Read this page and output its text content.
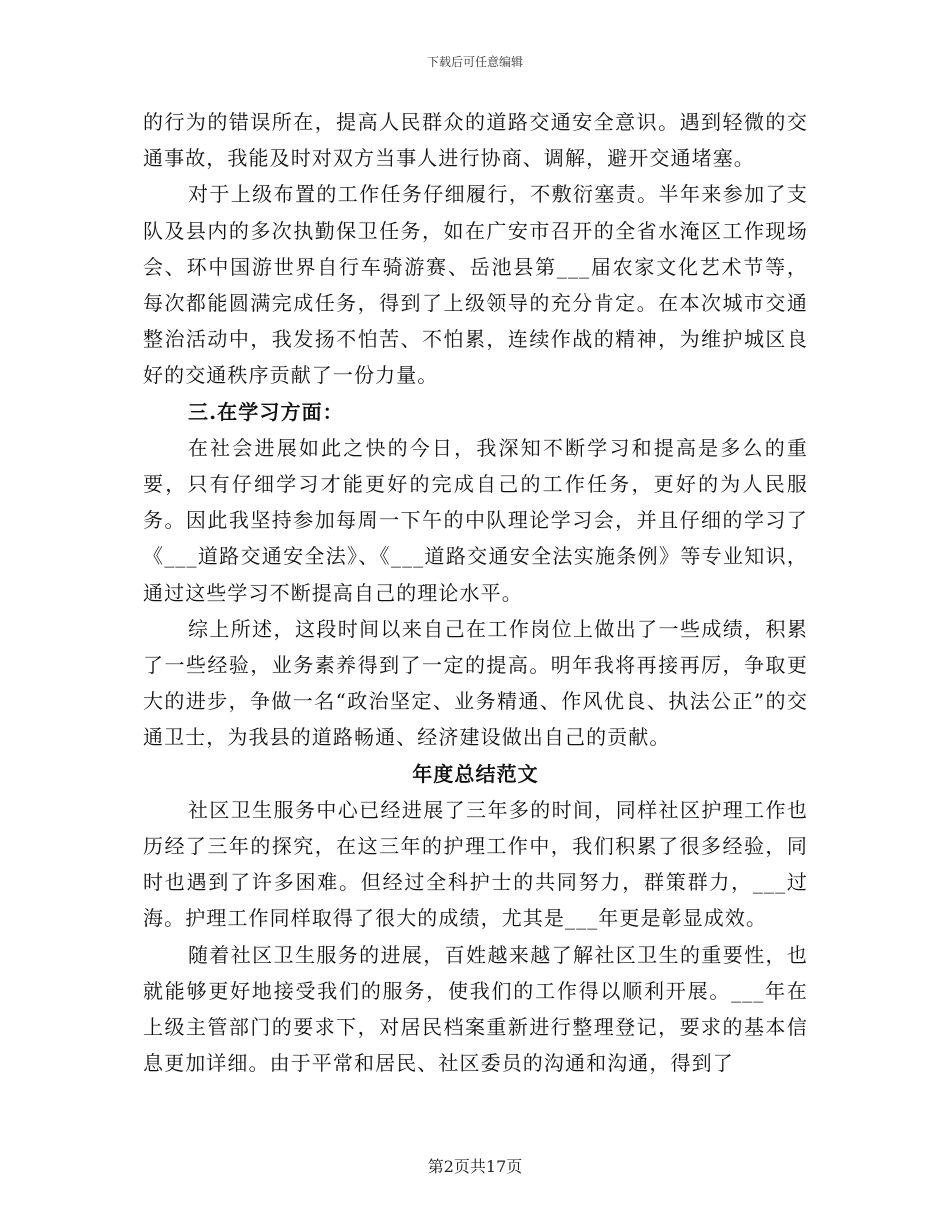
下载后可任意编辑

的行为的错误所在，提高人民群众的道路交通安全意识。遇到轻微的交通事故，我能及时对双方当事人进行协商、调解，避开交通堵塞。

对于上级布置的工作任务仔细履行，不敷衍塞责。半年来参加了支队及县内的多次执勤保卫任务，如在广安市召开的全省水淹区工作现场会、环中国游世界自行车骑游赛、岳池县第___届农家文化艺术节等，每次都能圆满完成任务，得到了上级领导的充分肯定。在本次城市交通整治活动中，我发扬不怕苦、不怕累，连续作战的精神，为维护城区良好的交通秩序贡献了一份力量。

三.在学习方面：

在社会进展如此之快的今日，我深知不断学习和提高是多么的重要，只有仔细学习才能更好的完成自己的工作任务，更好的为人民服务。因此我坚持参加每周一下午的中队理论学习会，并且仔细的学习了《___道路交通安全法》、《___道路交通安全法实施条例》等专业知识，通过这些学习不断提高自己的理论水平。

综上所述，这段时间以来自己在工作岗位上做出了一些成绩，积累了一些经验，业务素养得到了一定的提高。明年我将再接再厉，争取更大的进步，争做一名“政治坚定、业务精通、作风优良、执法公正”的交通卫士，为我县的道路畅通、经济建设做出自己的贡献。

年度总结范文

社区卫生服务中心已经进展了三年多的时间，同样社区护理工作也历经了三年的探究，在这三年的护理工作中，我们积累了很多经验，同时也遇到了许多困难。但经过全科护士的共同努力，群策群力，___过海。护理工作同样取得了很大的成绩，尤其是___年更是彰显成效。

随着社区卫生服务的进展，百姓越来越了解社区卫生的重要性，也就能够更好地接受我们的服务，使我们的工作得以顺利开展。___年在上级主管部门的要求下，对居民档案重新进行整理登记，要求的基本信息更加详细。由于平常和居民、社区委员的沟通和沟通，得到了

第2页共17页
